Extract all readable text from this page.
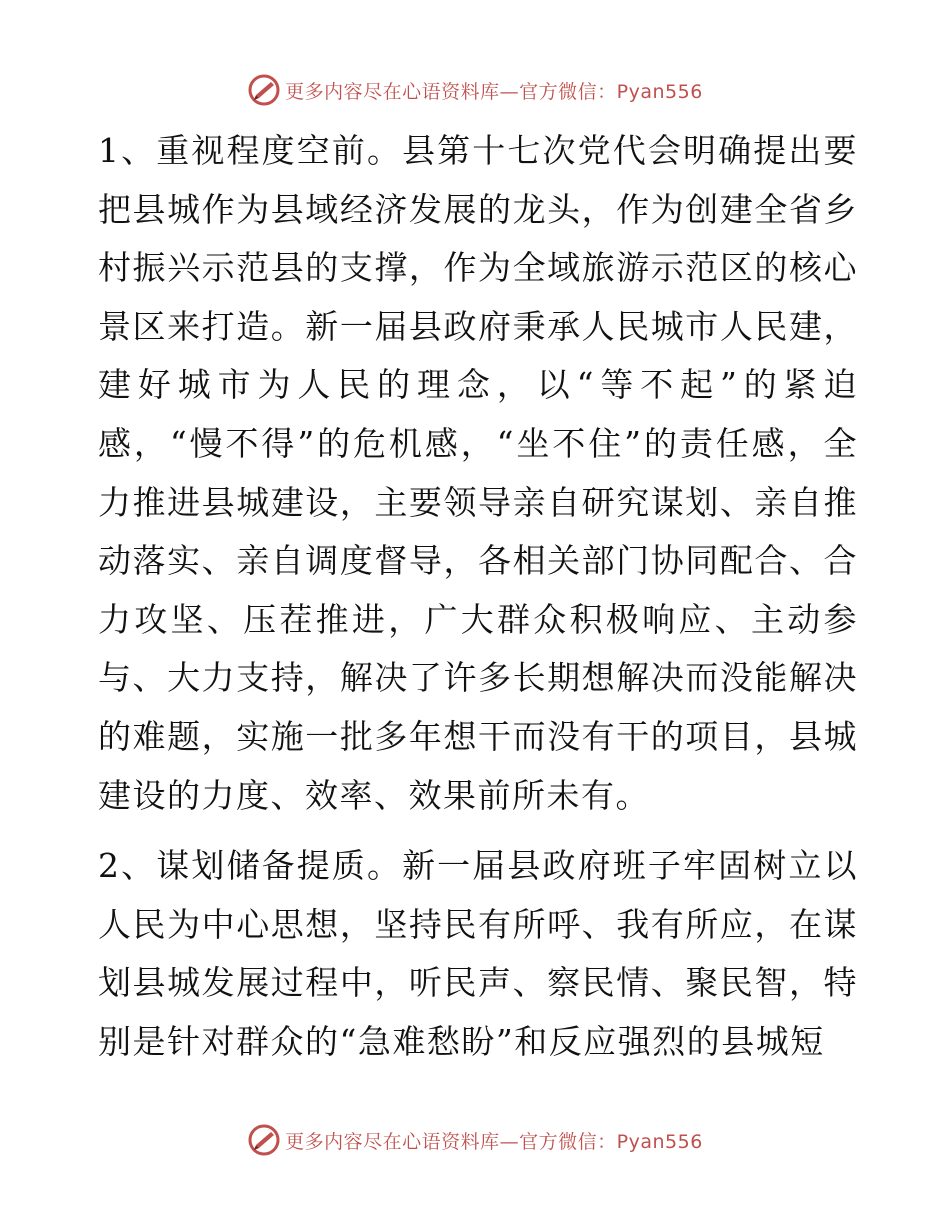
更多内容尽在心语资料库—官方微信：Pyan556

1、重视程度空前。县第十七次党代会明确提出要把县城作为县域经济发展的龙头，作为创建全省乡村振兴示范县的支撑，作为全域旅游示范区的核心景区来打造。新一届县政府秉承人民城市人民建，建好城市为人民的理念，以“等不起”的紧迫感，“慢不得”的危机感，“坐不住”的责任感，全力推进县城建设，主要领导亲自研究谋划、亲自推动落实、亲自调度督导，各相关部门协同配合、合力攻坚、压茬推进，广大群众积极响应、主动参与、大力支持，解决了许多长期想解决而没能解决的难题，实施一批多年想干而没有干的项目，县城建设的力度、效率、效果前所未有。

2、谋划储备提质。新一届县政府班子牢固树立以人民为中心思想，坚持民有所呼、我有所应，在谋划县城发展过程中，听民声、察民情、聚民智，特别是针对群众的“急难愁盼”和反应强烈的县城短

更多内容尽在心语资料库—官方微信：Pyan556
